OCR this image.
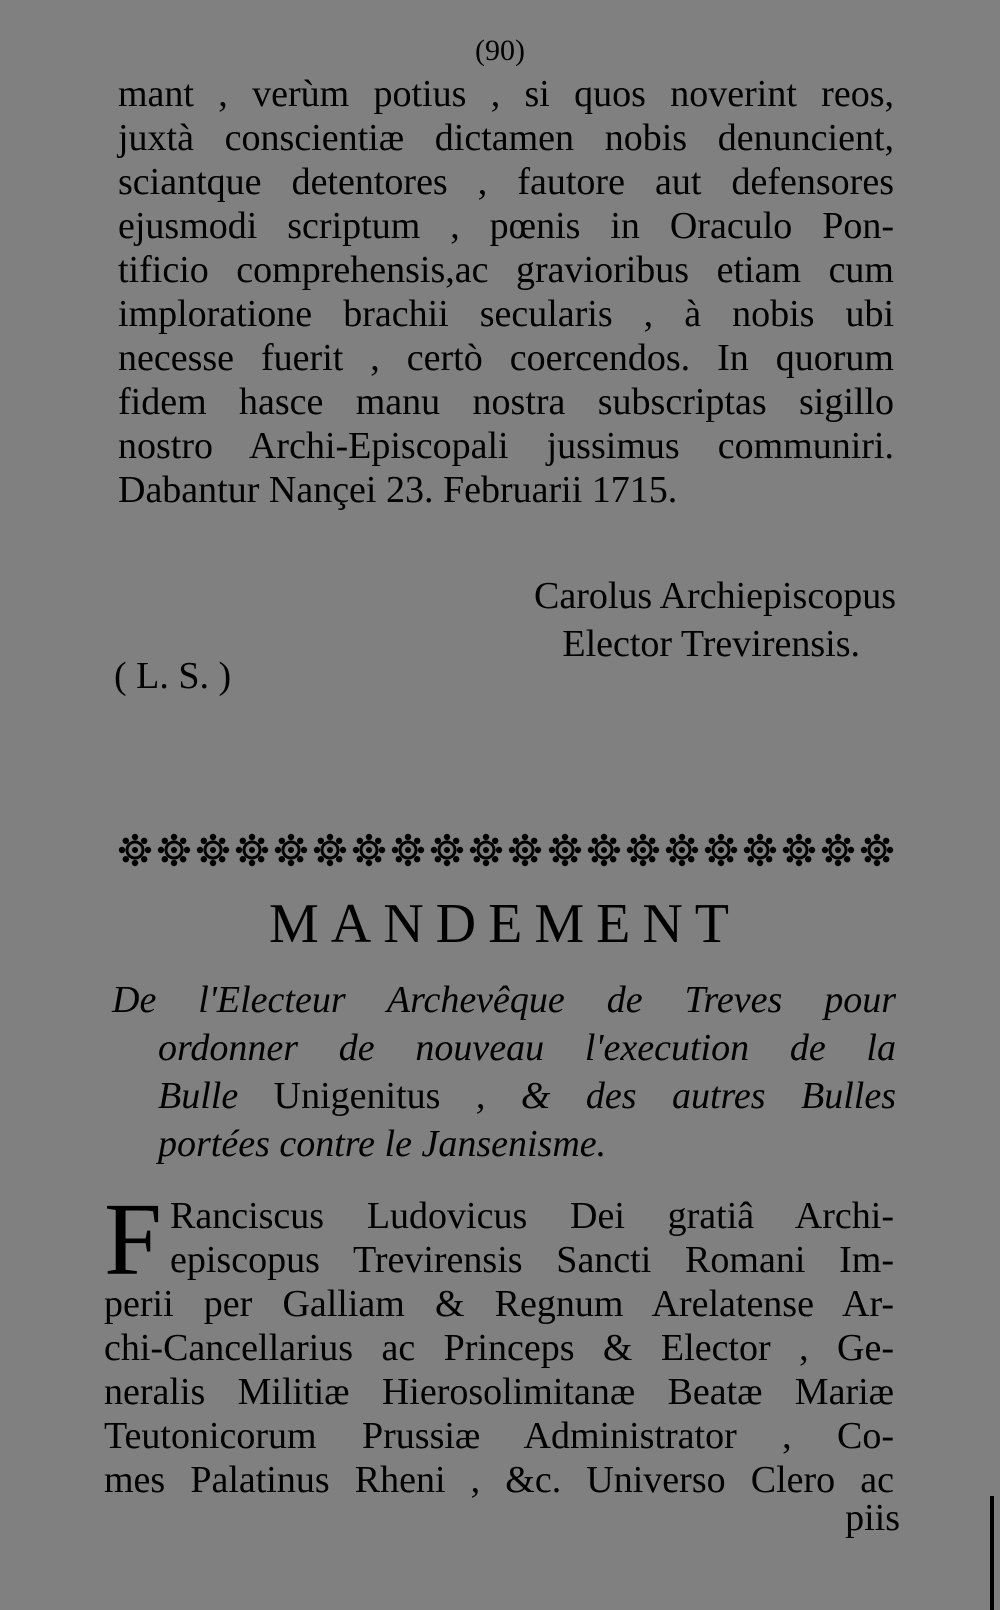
(90)
mant , verùm potius , si quos noverint reos,
juxtà conscientiæ dictamen nobis denuncient,
sciantque detentores , fautore aut defensores
ejusmodi scriptum , pœnis in Oraculo Pon-
tificio comprehensis,ac gravioribus etiam cum
imploratione brachii secularis , à nobis ubi
necesse fuerit , certò coercendos. In quorum
fidem hasce manu nostra subscriptas sigillo
nostro Archi-Episcopali jussimus communiri.
Dabantur Nançei 23. Februarii 1715.
Carolus Archiepiscopus
Elector Trevirensis.
( L. S. )
MANDEMENT
De l'Electeur Archevêque de Treves pour
ordonner de nouveau l'execution de la
Bulle Unigenitus , & des autres Bulles
portées contre le Jansenisme.
F Ranciscus Ludovicus Dei gratiâ Archi-
episcopus Trevirensis Sancti Romani Im-
perii per Galliam & Regnum Arelatense Ar-
chi-Cancellarius ac Princeps & Elector , Ge-
neralis Militiæ Hierosolimitanæ Beatæ Mariæ
Teutonicorum Prussiæ Administrator , Co-
mes Palatinus Rheni , &c. Universo Clero ac
piis
